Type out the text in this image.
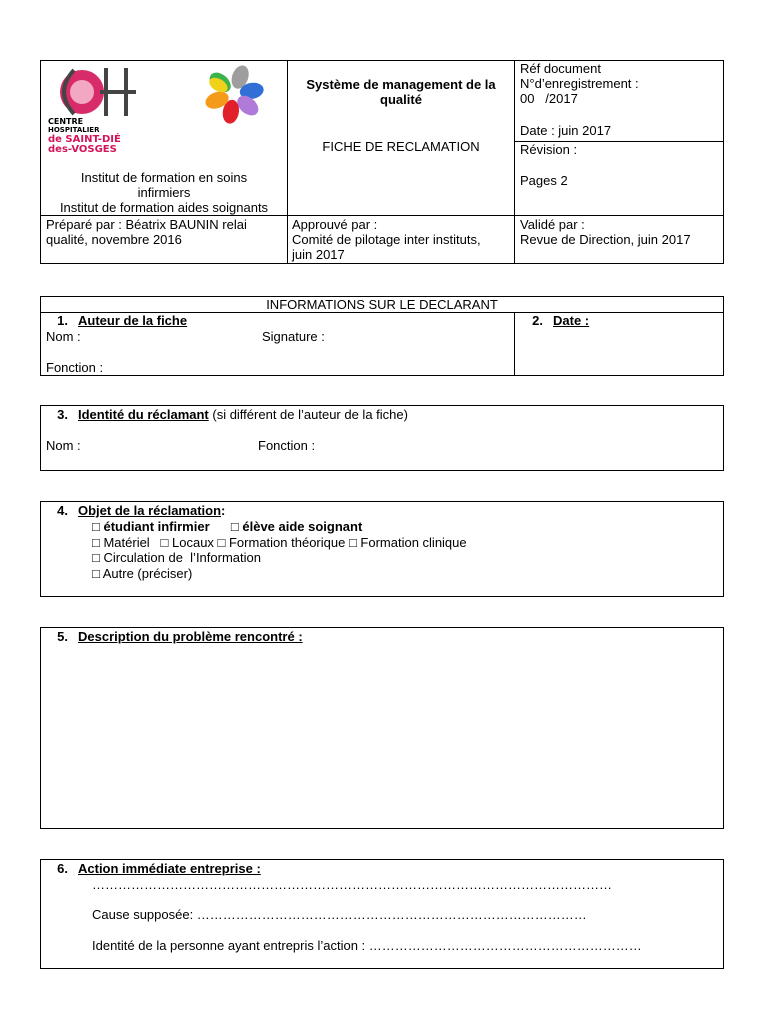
CENTRE
HOSPITALIER
de SAINT-DIÉ
des-VOSGES
Institut de formation en soins
infirmiers
Institut de formation aides soignants
Système de management de la
qualité
FICHE DE RECLAMATION
Réf document
N°d’enregistrement :
00   /2017
Date : juin 2017
Révision :
Pages 2
Préparé par : Béatrix BAUNIN relai
qualité, novembre 2016
Approuvé par :
Comité de pilotage inter instituts,
juin 2017
Validé par :
Revue de Direction, juin 2017
INFORMATIONS SUR LE DECLARANT
1. Auteur de la fiche
Nom :	Signature :
Fonction :
2. Date :
3. Identité du réclamant (si différent de l’auteur de la fiche)
Nom :	Fonction :
4. Objet de la réclamation:
□ étudiant infirmier □ élève aide soignant
□ Matériel   □ Locaux □ Formation théorique □ Formation clinique
□ Circulation de  l’Information
□ Autre (préciser)
5. Description du problème rencontré :
6. Action immédiate entreprise :
…………………………………………………………………………………………………………
Cause supposée: ………………………………………………………………………………
Identité de la personne ayant entrepris l’action : ………………………………………………………
